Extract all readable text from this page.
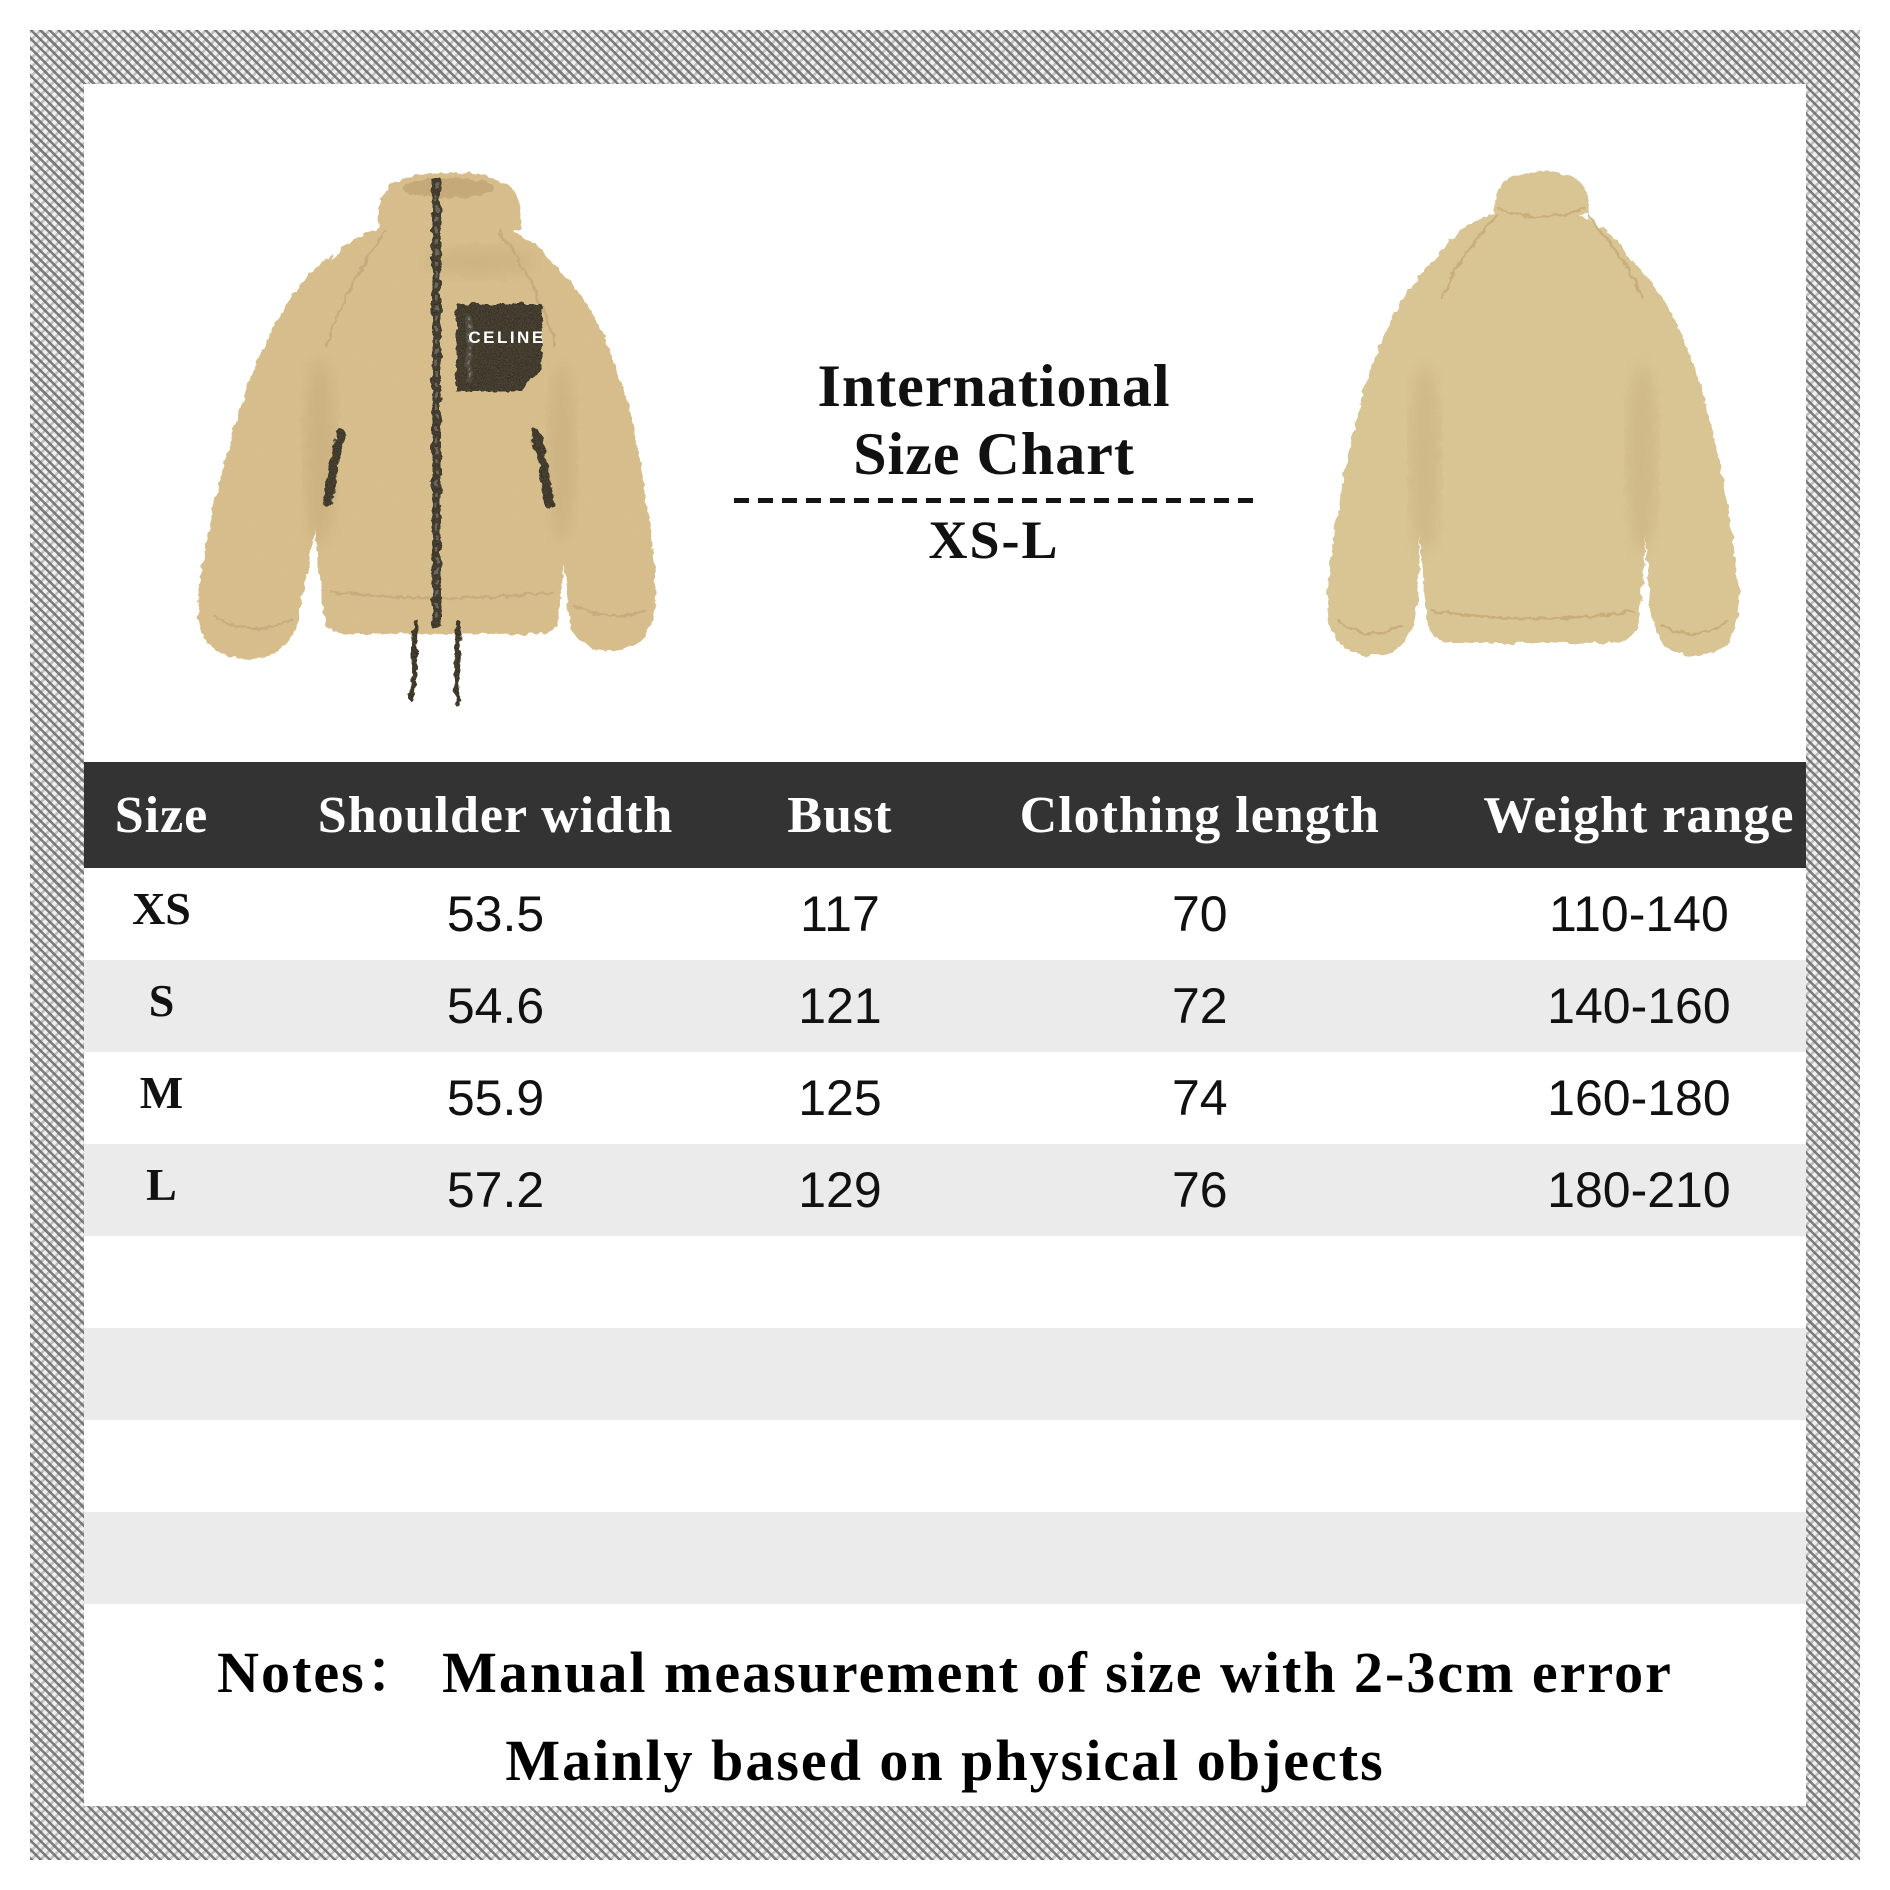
CELINE
International
Size Chart
XS-L
Size	Shoulder width	Bust	Clothing length	Weight range
XS	53.5	117	70	110-140
S	54.6	121	72	140-160
M	55.9	125	74	160-180
L	57.2	129	76	180-210
Notes： Manual measurement of size with 2-3cm error
Mainly based on physical objects
